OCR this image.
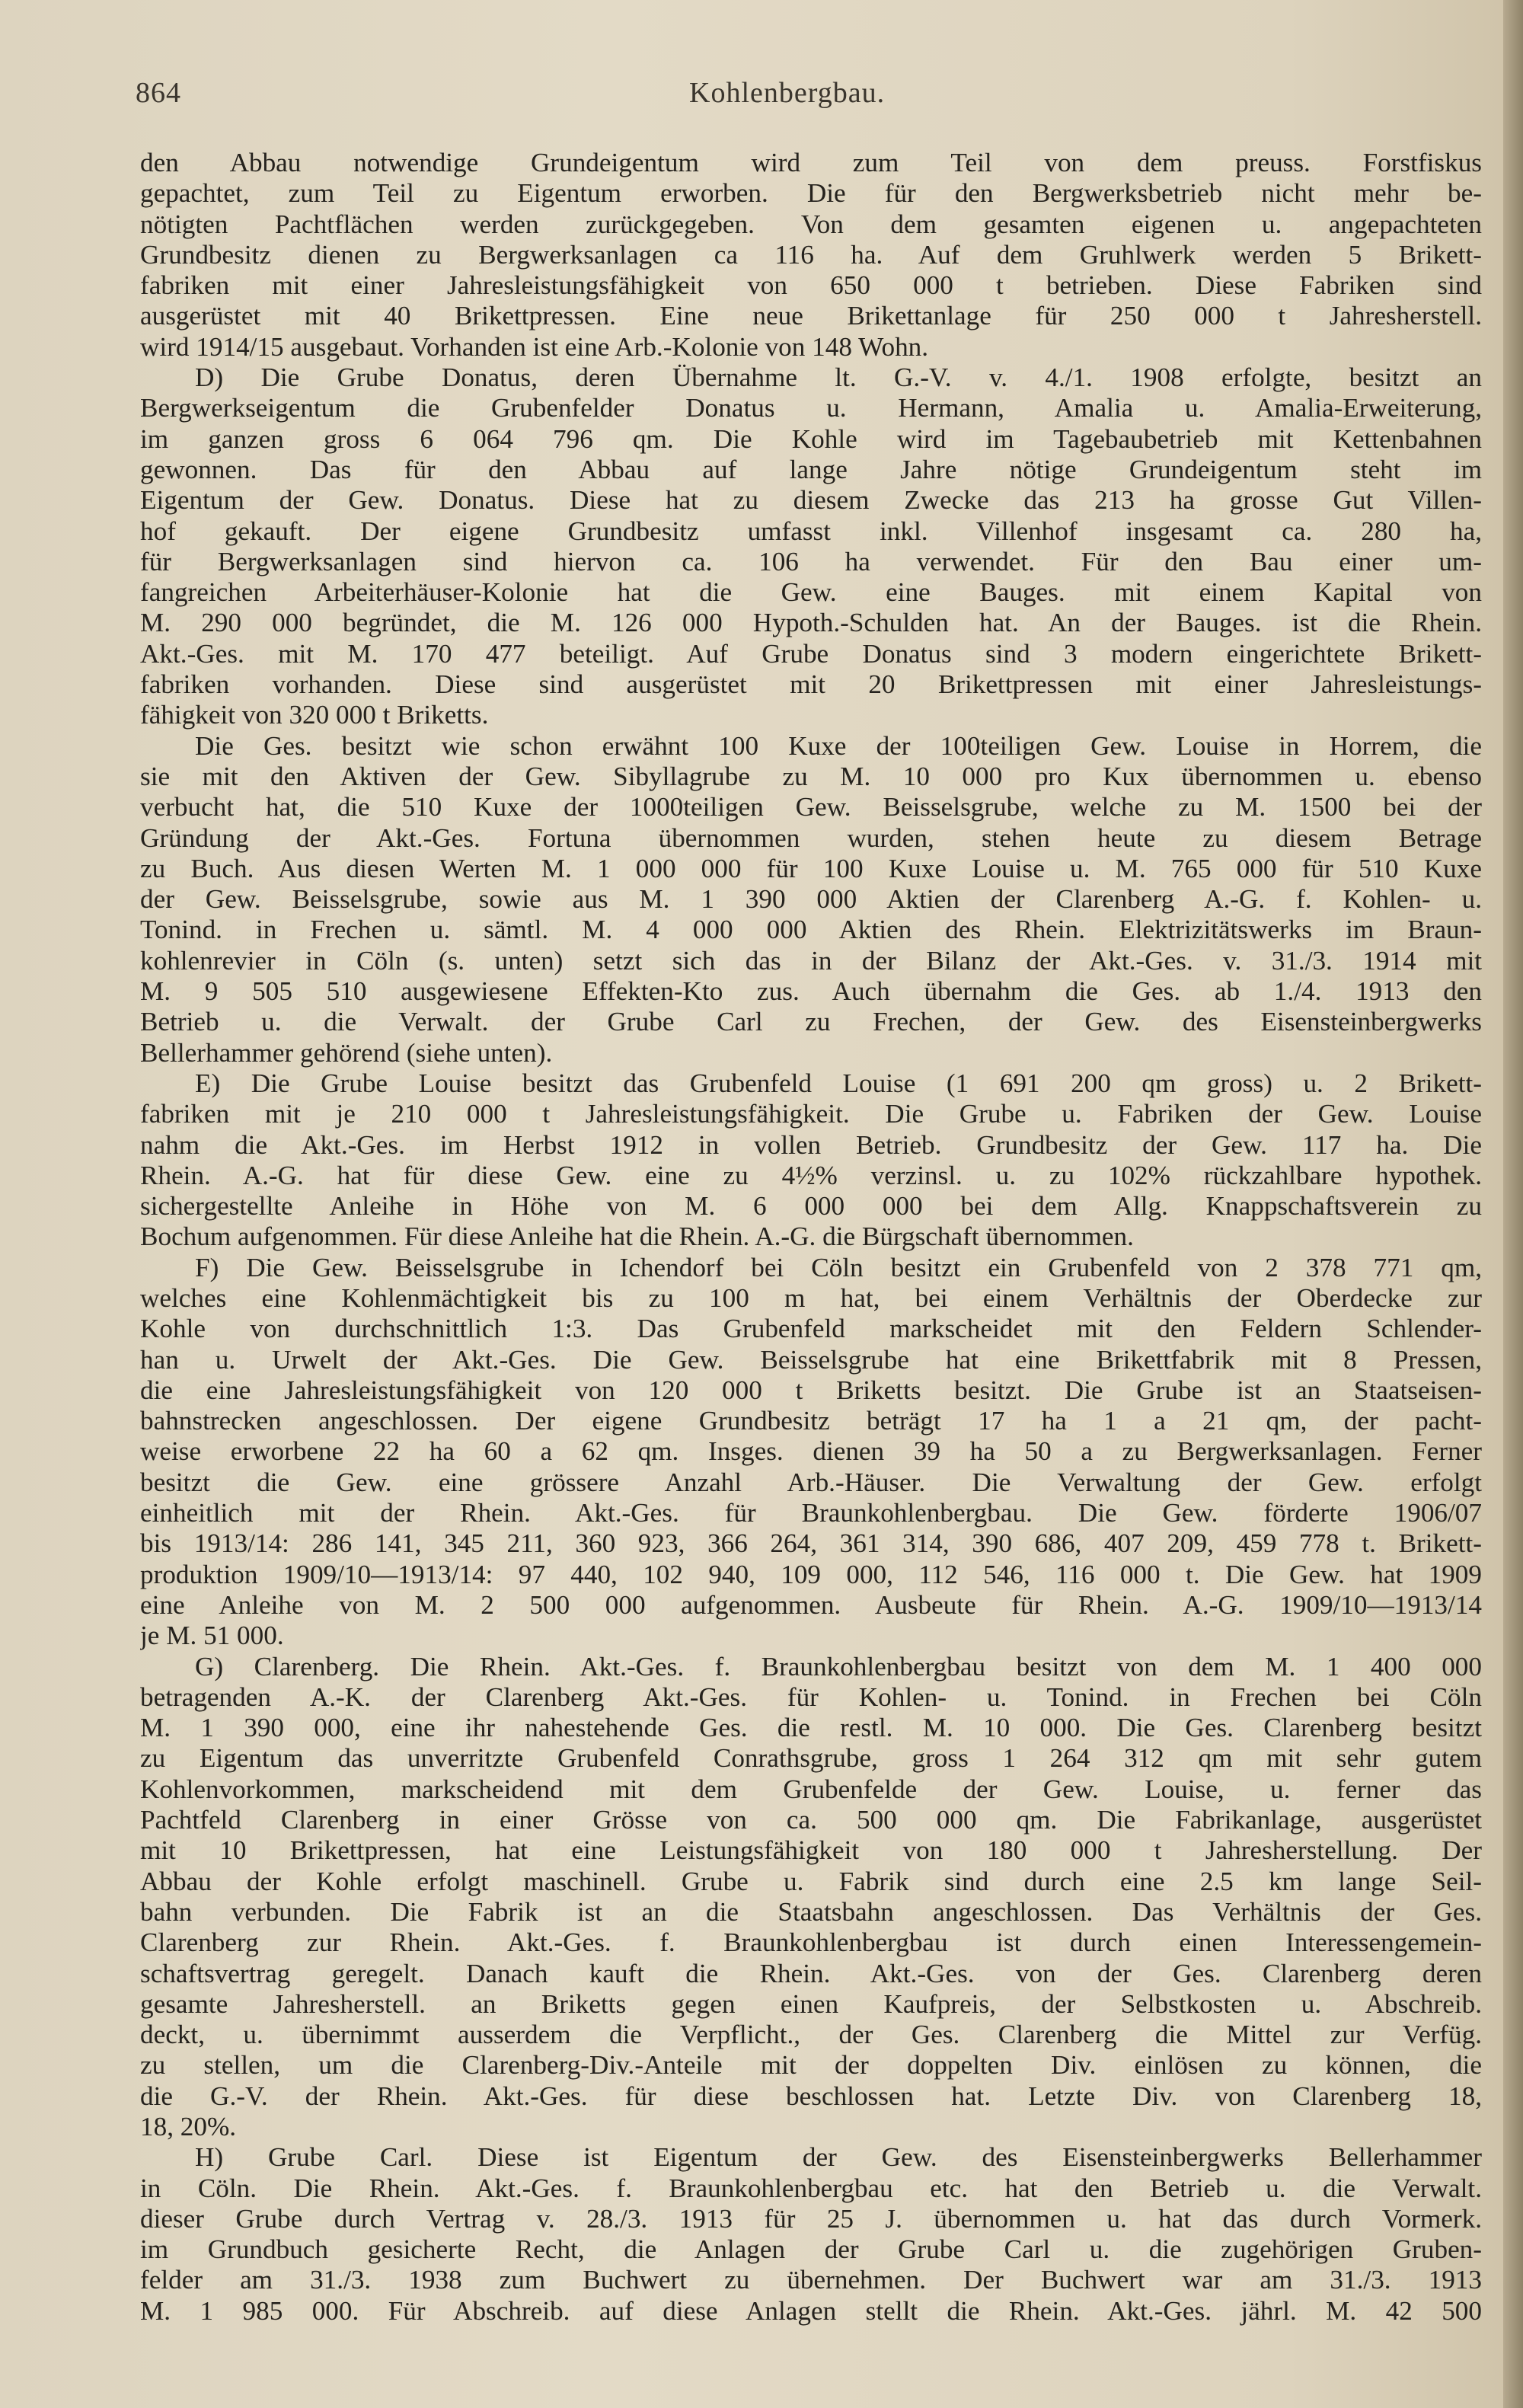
864	Kohlenbergbau.
den Abbau notwendige Grundeigentum wird zum Teil von dem preuss. Forstfiskus
gepachtet, zum Teil zu Eigentum erworben. Die für den Bergwerksbetrieb nicht mehr be-
nötigten Pachtflächen werden zurückgegeben. Von dem gesamten eigenen u. angepachteten
Grundbesitz dienen zu Bergwerksanlagen ca 116 ha. Auf dem Gruhlwerk werden 5 Brikett-
fabriken mit einer Jahresleistungsfähigkeit von 650 000 t betrieben. Diese Fabriken sind
ausgerüstet mit 40 Brikettpressen. Eine neue Brikettanlage für 250 000 t Jahresherstell.
wird 1914/15 ausgebaut. Vorhanden ist eine Arb.-Kolonie von 148 Wohn.
D) Die Grube Donatus, deren Übernahme lt. G.-V. v. 4./1. 1908 erfolgte, besitzt an
Bergwerkseigentum die Grubenfelder Donatus u. Hermann, Amalia u. Amalia-Erweiterung,
im ganzen gross 6 064 796 qm. Die Kohle wird im Tagebaubetrieb mit Kettenbahnen
gewonnen. Das für den Abbau auf lange Jahre nötige Grundeigentum steht im
Eigentum der Gew. Donatus. Diese hat zu diesem Zwecke das 213 ha grosse Gut Villen-
hof gekauft. Der eigene Grundbesitz umfasst inkl. Villenhof insgesamt ca. 280 ha,
für Bergwerksanlagen sind hiervon ca. 106 ha verwendet. Für den Bau einer um-
fangreichen Arbeiterhäuser-Kolonie hat die Gew. eine Bauges. mit einem Kapital von
M. 290 000 begründet, die M. 126 000 Hypoth.-Schulden hat. An der Bauges. ist die Rhein.
Akt.-Ges. mit M. 170 477 beteiligt. Auf Grube Donatus sind 3 modern eingerichtete Brikett-
fabriken vorhanden. Diese sind ausgerüstet mit 20 Brikettpressen mit einer Jahresleistungs-
fähigkeit von 320 000 t Briketts.
Die Ges. besitzt wie schon erwähnt 100 Kuxe der 100teiligen Gew. Louise in Horrem, die
sie mit den Aktiven der Gew. Sibyllagrube zu M. 10 000 pro Kux übernommen u. ebenso
verbucht hat, die 510 Kuxe der 1000teiligen Gew. Beisselsgrube, welche zu M. 1500 bei der
Gründung der Akt.-Ges. Fortuna übernommen wurden, stehen heute zu diesem Betrage
zu Buch. Aus diesen Werten M. 1 000 000 für 100 Kuxe Louise u. M. 765 000 für 510 Kuxe
der Gew. Beisselsgrube, sowie aus M. 1 390 000 Aktien der Clarenberg A.-G. f. Kohlen- u.
Tonind. in Frechen u. sämtl. M. 4 000 000 Aktien des Rhein. Elektrizitätswerks im Braun-
kohlenrevier in Cöln (s. unten) setzt sich das in der Bilanz der Akt.-Ges. v. 31./3. 1914 mit
M. 9 505 510 ausgewiesene Effekten-Kto zus. Auch übernahm die Ges. ab 1./4. 1913 den
Betrieb u. die Verwalt. der Grube Carl zu Frechen, der Gew. des Eisensteinbergwerks
Bellerhammer gehörend (siehe unten).
E) Die Grube Louise besitzt das Grubenfeld Louise (1 691 200 qm gross) u. 2 Brikett-
fabriken mit je 210 000 t Jahresleistungsfähigkeit. Die Grube u. Fabriken der Gew. Louise
nahm die Akt.-Ges. im Herbst 1912 in vollen Betrieb. Grundbesitz der Gew. 117 ha. Die
Rhein. A.-G. hat für diese Gew. eine zu 4½% verzinsl. u. zu 102% rückzahlbare hypothek.
sichergestellte Anleihe in Höhe von M. 6 000 000 bei dem Allg. Knappschaftsverein zu
Bochum aufgenommen. Für diese Anleihe hat die Rhein. A.-G. die Bürgschaft übernommen.
F) Die Gew. Beisselsgrube in Ichendorf bei Cöln besitzt ein Grubenfeld von 2 378 771 qm,
welches eine Kohlenmächtigkeit bis zu 100 m hat, bei einem Verhältnis der Oberdecke zur
Kohle von durchschnittlich 1:3. Das Grubenfeld markscheidet mit den Feldern Schlender-
han u. Urwelt der Akt.-Ges. Die Gew. Beisselsgrube hat eine Brikettfabrik mit 8 Pressen,
die eine Jahresleistungsfähigkeit von 120 000 t Briketts besitzt. Die Grube ist an Staatseisen-
bahnstrecken angeschlossen. Der eigene Grundbesitz beträgt 17 ha 1 a 21 qm, der pacht-
weise erworbene 22 ha 60 a 62 qm. Insges. dienen 39 ha 50 a zu Bergwerksanlagen. Ferner
besitzt die Gew. eine grössere Anzahl Arb.-Häuser. Die Verwaltung der Gew. erfolgt
einheitlich mit der Rhein. Akt.-Ges. für Braunkohlenbergbau. Die Gew. förderte 1906/07
bis 1913/14: 286 141, 345 211, 360 923, 366 264, 361 314, 390 686, 407 209, 459 778 t. Brikett-
produktion 1909/10—1913/14: 97 440, 102 940, 109 000, 112 546, 116 000 t. Die Gew. hat 1909
eine Anleihe von M. 2 500 000 aufgenommen. Ausbeute für Rhein. A.-G. 1909/10—1913/14
je M. 51 000.
G) Clarenberg. Die Rhein. Akt.-Ges. f. Braunkohlenbergbau besitzt von dem M. 1 400 000
betragenden A.-K. der Clarenberg Akt.-Ges. für Kohlen- u. Tonind. in Frechen bei Cöln
M. 1 390 000, eine ihr nahestehende Ges. die restl. M. 10 000. Die Ges. Clarenberg besitzt
zu Eigentum das unverritzte Grubenfeld Conrathsgrube, gross 1 264 312 qm mit sehr gutem
Kohlenvorkommen, markscheidend mit dem Grubenfelde der Gew. Louise, u. ferner das
Pachtfeld Clarenberg in einer Grösse von ca. 500 000 qm. Die Fabrikanlage, ausgerüstet
mit 10 Brikettpressen, hat eine Leistungsfähigkeit von 180 000 t Jahresherstellung. Der
Abbau der Kohle erfolgt maschinell. Grube u. Fabrik sind durch eine 2.5 km lange Seil-
bahn verbunden. Die Fabrik ist an die Staatsbahn angeschlossen. Das Verhältnis der Ges.
Clarenberg zur Rhein. Akt.-Ges. f. Braunkohlenbergbau ist durch einen Interessengemein-
schaftsvertrag geregelt. Danach kauft die Rhein. Akt.-Ges. von der Ges. Clarenberg deren
gesamte Jahresherstell. an Briketts gegen einen Kaufpreis, der Selbstkosten u. Abschreib.
deckt, u. übernimmt ausserdem die Verpflicht., der Ges. Clarenberg die Mittel zur Verfüg.
zu stellen, um die Clarenberg-Div.-Anteile mit der doppelten Div. einlösen zu können, die
die G.-V. der Rhein. Akt.-Ges. für diese beschlossen hat. Letzte Div. von Clarenberg 18,
18, 20%.
H) Grube Carl. Diese ist Eigentum der Gew. des Eisensteinbergwerks Bellerhammer
in Cöln. Die Rhein. Akt.-Ges. f. Braunkohlenbergbau etc. hat den Betrieb u. die Verwalt.
dieser Grube durch Vertrag v. 28./3. 1913 für 25 J. übernommen u. hat das durch Vormerk.
im Grundbuch gesicherte Recht, die Anlagen der Grube Carl u. die zugehörigen Gruben-
felder am 31./3. 1938 zum Buchwert zu übernehmen. Der Buchwert war am 31./3. 1913
M. 1 985 000. Für Abschreib. auf diese Anlagen stellt die Rhein. Akt.-Ges. jährl. M. 42 500
